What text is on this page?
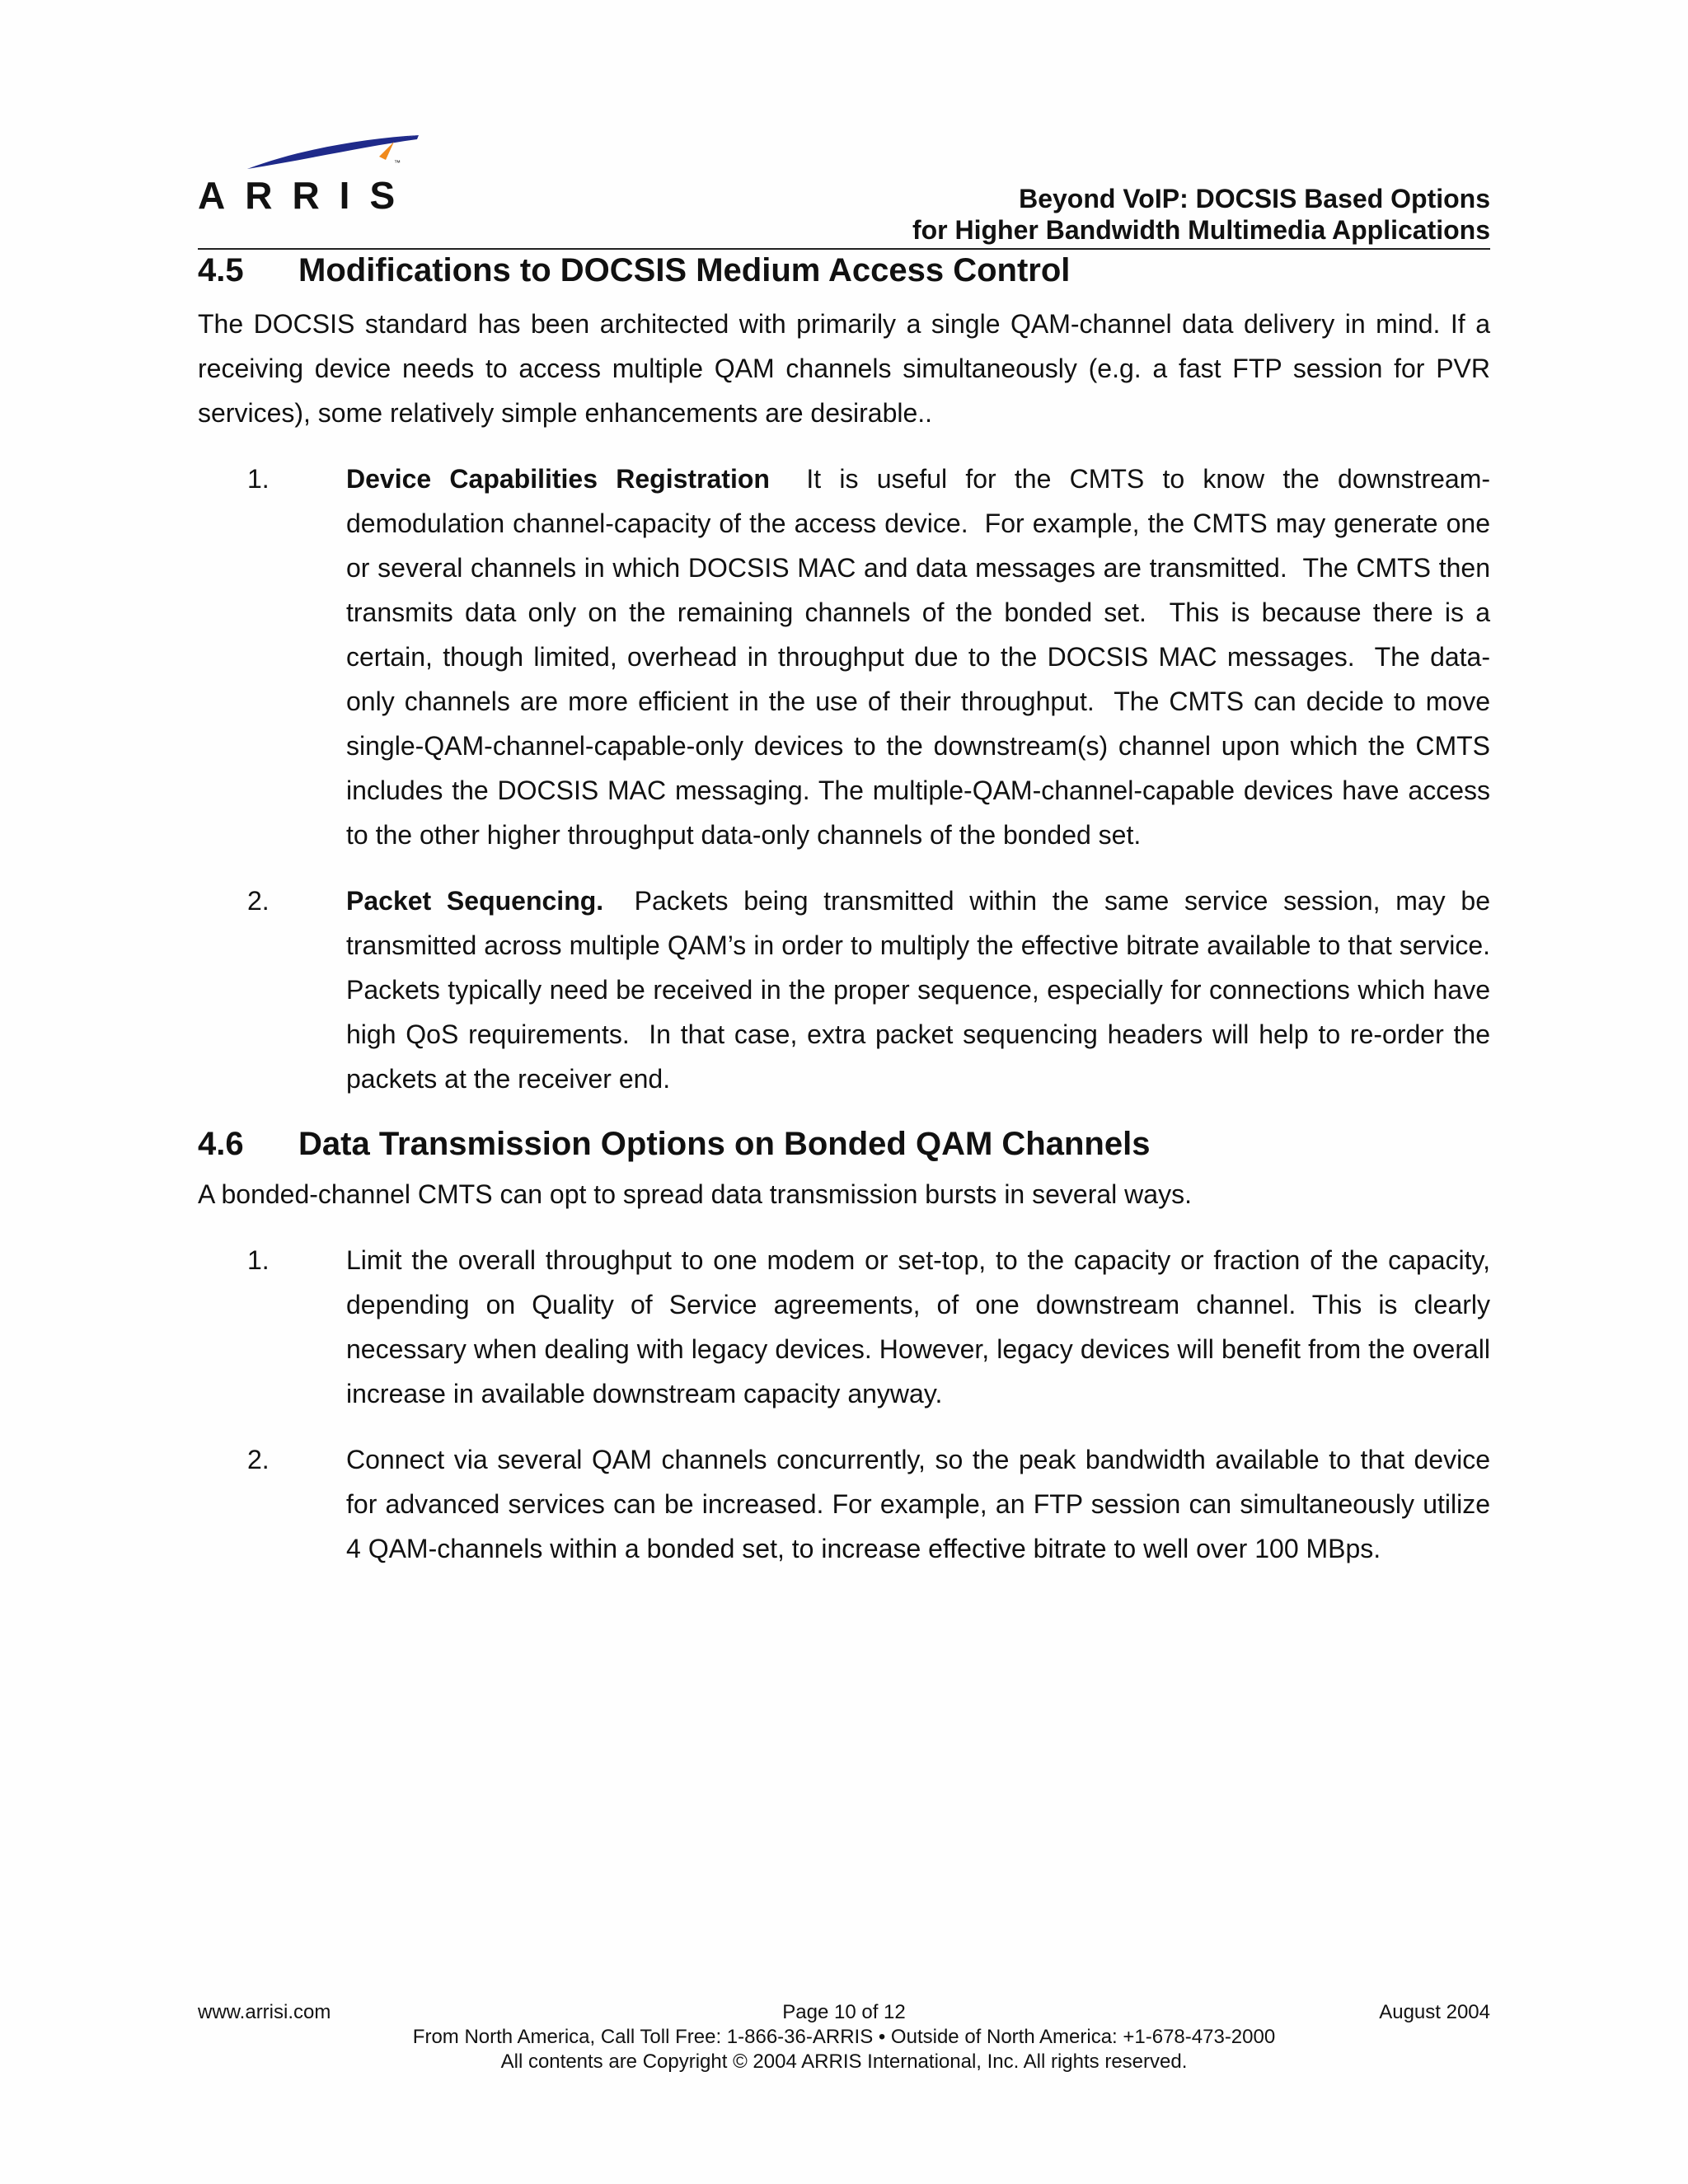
™
ARRIS	Beyond VoIP: DOCSIS Based Options
for Higher Bandwidth Multimedia Applications
4.5	Modifications to DOCSIS Medium Access Control

The DOCSIS standard has been architected with primarily a single QAM-channel data delivery in mind. If a receiving device needs to access multiple QAM channels simultaneously (e.g. a fast FTP session for PVR services), some relatively simple enhancements are desirable..

1.	Device Capabilities Registration  It is useful for the CMTS to know the downstream-demodulation channel-capacity of the access device.  For example, the CMTS may generate one or several channels in which DOCSIS MAC and data messages are transmitted.  The CMTS then transmits data only on the remaining channels of the bonded set.  This is because there is a certain, though limited, overhead in throughput due to the DOCSIS MAC messages.  The data-only channels are more efficient in the use of their throughput.  The CMTS can decide to move single-QAM-channel-capable-only devices to the downstream(s) channel upon which the CMTS includes the DOCSIS MAC messaging. The multiple-QAM-channel-capable devices have access to the other higher throughput data-only channels of the bonded set.
2.	Packet Sequencing.  Packets being transmitted within the same service session, may be transmitted across multiple QAM’s in order to multiply the effective bitrate available to that service.  Packets typically need be received in the proper sequence, especially for connections which have high QoS requirements.  In that case, extra packet sequencing headers will help to re-order the packets at the receiver end.
4.6	Data Transmission Options on Bonded QAM Channels

A bonded-channel CMTS can opt to spread data transmission bursts in several ways.

1.	Limit the overall throughput to one modem or set-top, to the capacity or fraction of the capacity, depending on Quality of Service agreements, of one downstream channel. This is clearly necessary when dealing with legacy devices. However, legacy devices will benefit from the overall increase in available downstream capacity anyway.
2.	Connect via several QAM channels concurrently, so the peak bandwidth available to that device for advanced services can be increased. For example, an FTP session can simultaneously utilize 4 QAM-channels within a bonded set, to increase effective bitrate to well over 100 MBps.
www.arrisi.com	Page 10 of 12	August 2004
From North America, Call Toll Free: 1-866-36-ARRIS • Outside of North America: +1-678-473-2000
All contents are Copyright © 2004 ARRIS International, Inc. All rights reserved.
